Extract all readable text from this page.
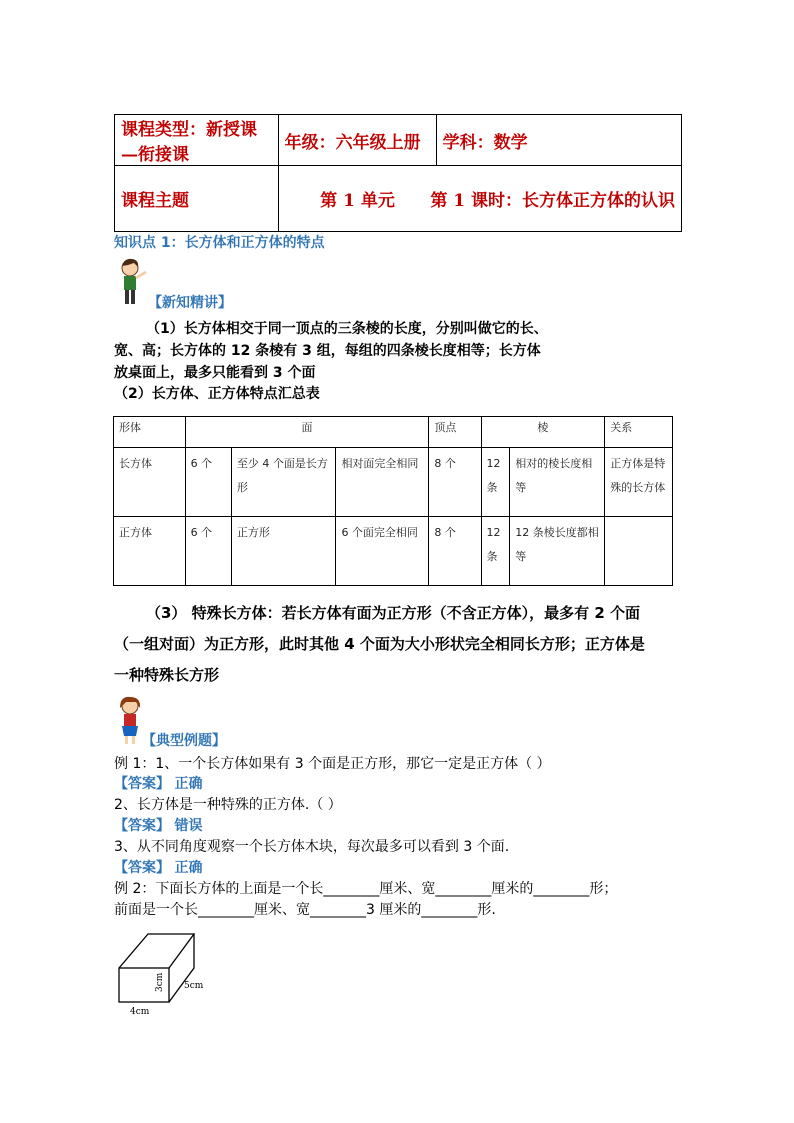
课程类型：新授课—衔接课	年级：六年级上册	学科：数学
课程主题	第 1 单元      第 1 课时：长方体正方体的认识	

知识点 1：长方体和正方体的特点
【新知精讲】
（1）长方体相交于同一顶点的三条棱的长度，分别叫做它的长、
宽、高；长方体的 12 条棱有 3 组，每组的四条棱长度相等；长方体
放桌面上，最多只能看到 3 个面
（2）长方体、正方体特点汇总表
形体	面			顶点	棱		关系
长方体	6 个	至少 4 个面是长方形	相对面完全相同	8 个	12条	相对的棱长度相等	正方体是特殊的长方体
正方体	6 个	正方形	6 个面完全相同	8 个	12条	12 条棱长度都相等	
（3） 特殊长方体：若长方体有面为正方形（不含正方体），最多有 2 个面
（一组对面）为正方形，此时其他 4 个面为大小形状完全相同长方形；正方体是
一种特殊长方形
【典型例题】
例 1：1、一个长方体如果有 3 个面是正方形，那它一定是正方体（ ）
【答案】 正确
2、长方体是一种特殊的正方体.（ ）
【答案】 错误
3、从不同角度观察一个长方体木块，每次最多可以看到 3 个面.
【答案】 正确
例 2：下面长方体的上面是一个长________厘米、宽________厘米的________形；
前面是一个长________厘米、宽________3 厘米的________形.
3cm 5cm
4cm
